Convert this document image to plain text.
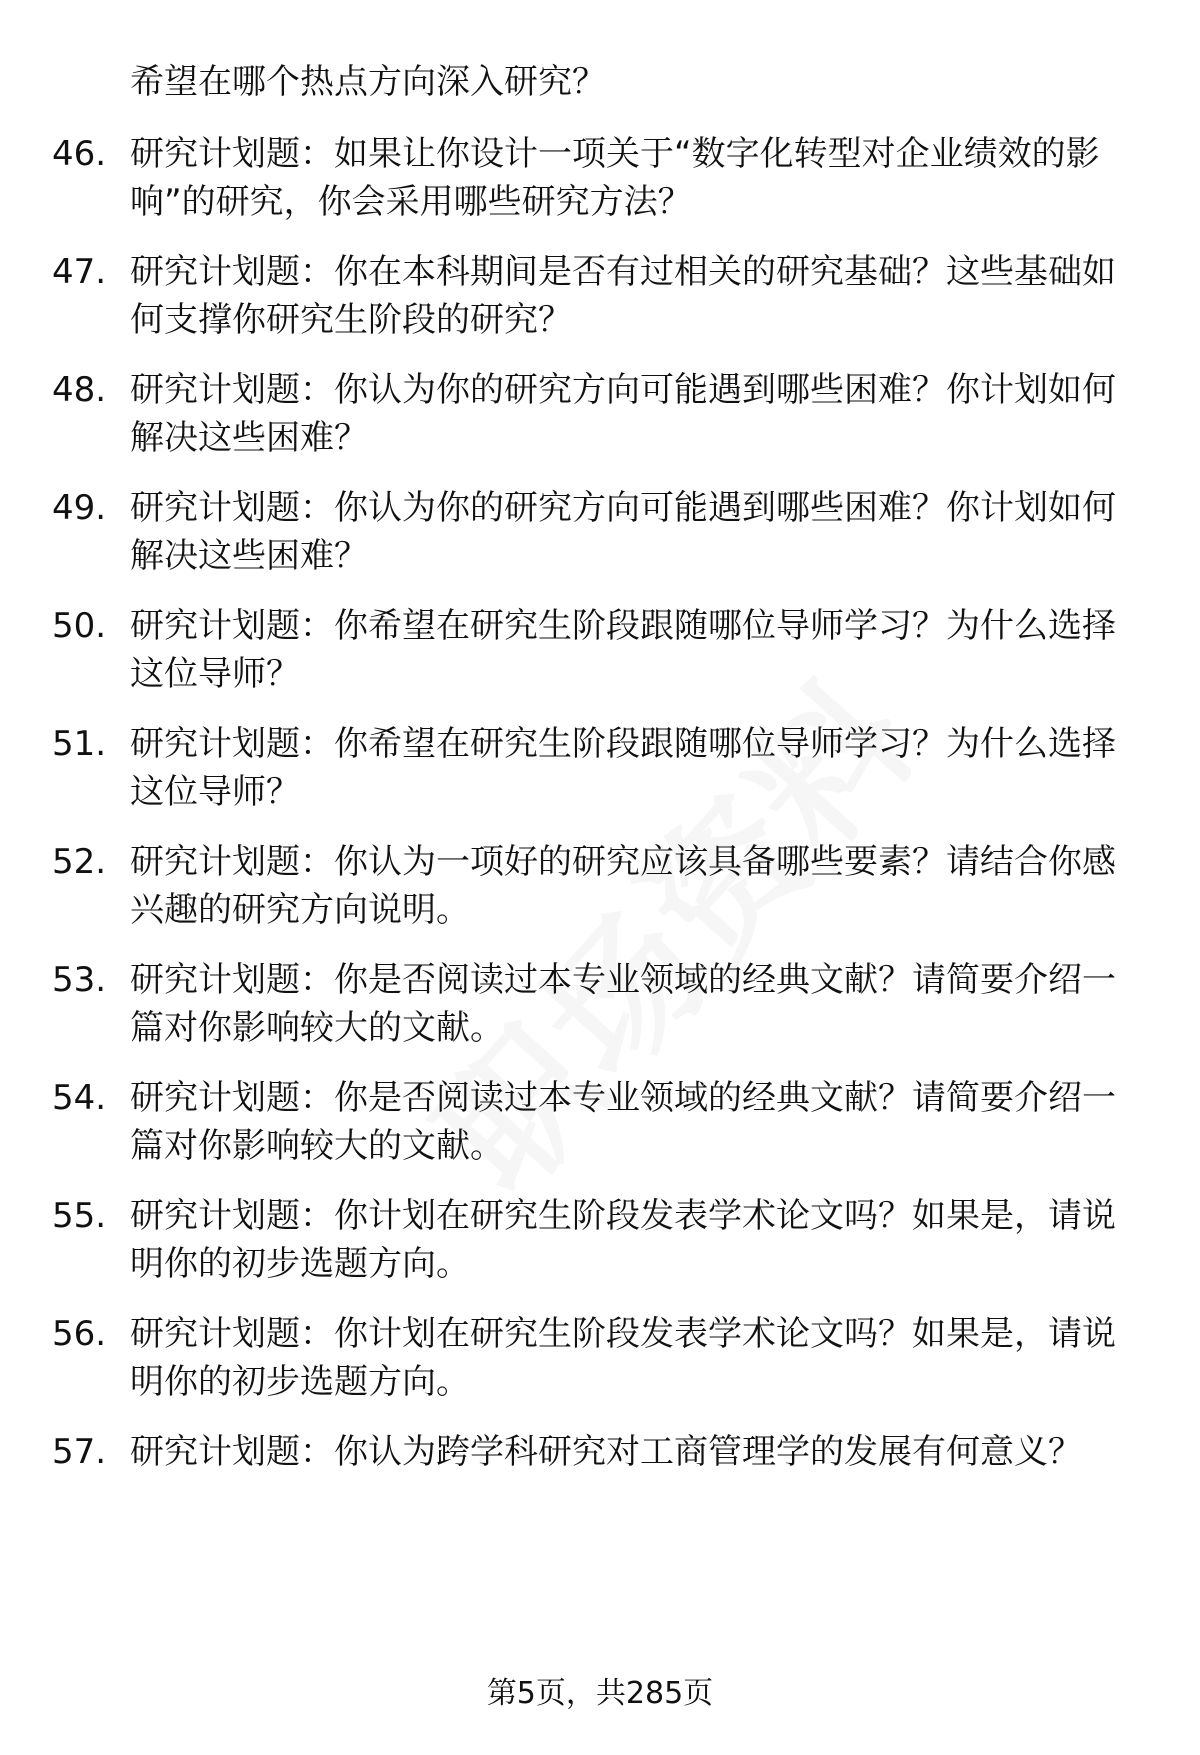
希望在哪个热点方向深入研究？

46. 研究计划题：如果让你设计一项关于“数字化转型对企业绩效的影响”的研究，你会采用哪些研究方法？

47. 研究计划题：你在本科期间是否有过相关的研究基础？这些基础如何支撑你研究生阶段的研究？

48. 研究计划题：你认为你的研究方向可能遇到哪些困难？你计划如何解决这些困难？

49. 研究计划题：你认为你的研究方向可能遇到哪些困难？你计划如何解决这些困难？

50. 研究计划题：你希望在研究生阶段跟随哪位导师学习？为什么选择这位导师？

51. 研究计划题：你希望在研究生阶段跟随哪位导师学习？为什么选择这位导师？

52. 研究计划题：你认为一项好的研究应该具备哪些要素？请结合你感兴趣的研究方向说明。

53. 研究计划题：你是否阅读过本专业领域的经典文献？请简要介绍一篇对你影响较大的文献。

54. 研究计划题：你是否阅读过本专业领域的经典文献？请简要介绍一篇对你影响较大的文献。

55. 研究计划题：你计划在研究生阶段发表学术论文吗？如果是，请说明你的初步选题方向。

56. 研究计划题：你计划在研究生阶段发表学术论文吗？如果是，请说明你的初步选题方向。

57. 研究计划题：你认为跨学科研究对工商管理学的发展有何意义？

第5页，共285页
